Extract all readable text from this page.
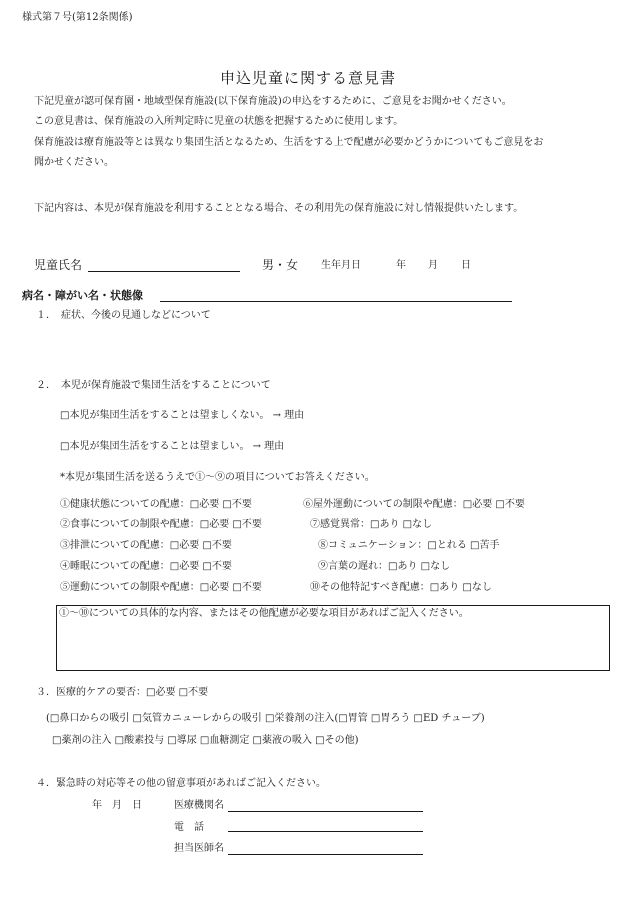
様式第７号(第12条関係)
申込児童に関する意見書
下記児童が認可保育園・地域型保育施設(以下保育施設)の申込をするために、ご意見をお聞かせください。
この意見書は、保育施設の入所判定時に児童の状態を把握するために使用します。
保育施設は療育施設等とは異なり集団生活となるため、生活をする上で配慮が必要かどうかについてもご意見をお
聞かせください。
下記内容は、本児が保育施設を利用することとなる場合、その利用先の保育施設に対し情報提供いたします。
児童氏名	男・女 生年月日	年 月 日
病名・障がい名・状態像
１．　症状、今後の見通しなどについて
２．　本児が保育施設で集団生活をすることについて
□本児が集団生活をすることは望ましくない。 → 理由
□本児が集団生活をすることは望ましい。 → 理由
*本児が集団生活を送るうえで①～⑨の項目についてお答えください。
①健康状態についての配慮：□必要 □不要
②食事についての制限や配慮：□必要 □不要
③排泄についての配慮：□必要 □不要
④睡眠についての配慮：□必要 □不要
⑤運動についての制限や配慮：□必要 □不要
⑥屋外運動についての制限や配慮：□必要 □不要
⑦感覚異常：□あり □なし
⑧コミュニケーション：□とれる □苦手
⑨言葉の遅れ：□あり □なし
⑩その他特記すべき配慮：□あり □なし
①～⑩についての具体的な内容、またはその他配慮が必要な項目があればご記入ください。
３．医療的ケアの要否：□必要 □不要
(□鼻口からの吸引 □気管カニューレからの吸引 □栄養剤の注入(□胃管 □胃ろう □ED チューブ)
□薬剤の注入 □酸素投与 □導尿 □血糖測定 □薬液の吸入 □その他)
４．緊急時の対応等その他の留意事項があればご記入ください。
年　月　日	医療機関名
電　話
担当医師名
